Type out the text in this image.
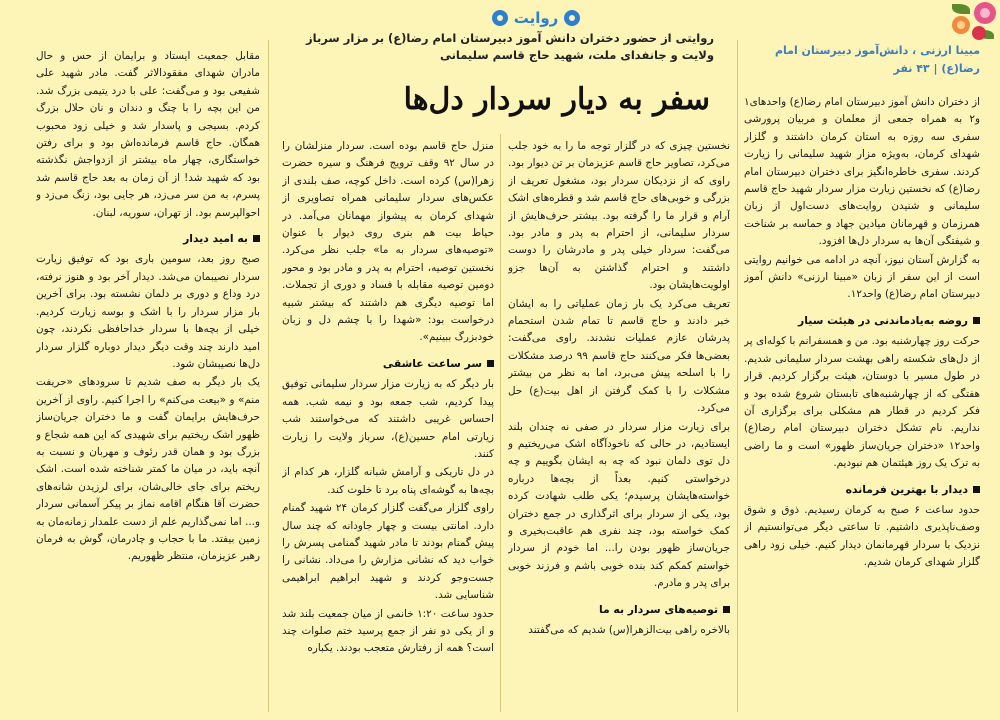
روایت
روایتی از حضور دختران دانش آموز دبیرستان امام رضا(ع) بر مزار سرباز ولایت و جانفدای ملت، شهید حاج قاسم سلیمانی
سفر به دیار سردار دل‌ها
مبینا ارزنی ، دانش‌آموز دبیرستان امام رضا(ع) | ۴۳ نفر

از دختران دانش آموز دبیرستان امام رضا(ع) واحدهای۱ و۲ به همراه جمعی از معلمان و مربیان پرورشی سفری سه روزه به استان کرمان داشتند و گلزار شهدای کرمان، به‌ویژه مزار شهید سلیمانی را زیارت کردند. سفری خاطره‌انگیز برای دختران دبیرستان امام رضا(ع) که نخستین زیارت مزار سردار شهید حاج قاسم سلیمانی و شنیدن روایت‌های دست‌اول از زبان همرزمان و قهرمانان میادین جهاد و حماسه بر شناخت و شیفتگی آن‌ها به سردار دل‌ها افزود.

به گزارش آستان نیوز، آنچه در ادامه می خوانیم روایتی است از این سفر از زبان «مبینا ارزنی» دانش آموز دبیرستان امام رضا(ع) واحد۱۲.

روضه به‌یادماندنی در هیئت سیار

حرکت روز چهارشنبه بود. من و همسفرانم با کوله‌ای پر از دل‌های شکسته راهی بهشت سردار سلیمانی شدیم. در طول مسیر با دوستان، هیئت برگزار کردیم. قرار هفتگی که از چهارشنبه‌های تابستان شروع شده بود و فکر کردیم در قطار هم مشکلی برای برگزاری آن نداریم. نام تشکل دختران دبیرستان امام رضا(ع) واحد۱۲ «دختران جریان‌ساز ظهور» است و ما راضی به ترک یک روز هیئتمان هم نبودیم.

دیدار با بهترین فرمانده

حدود ساعت ۶ صبح به کرمان رسیدیم. ذوق و شوق وصف‌ناپذیری داشتیم. تا ساعتی دیگر می‌توانستیم از نزدیک با سردار قهرمانمان دیدار کنیم. خیلی زود راهی گلزار شهدای کرمان شدیم.

نخستین چیزی که در گلزار توجه ما را به خود جلب می‌کرد، تصاویر حاج قاسم عزیزمان بر تن دیوار بود. راوی که از نزدیکان سردار بود، مشغول تعریف از بزرگی و خوبی‌های حاج قاسم شد و قطره‌های اشک آرام و قرار ما را گرفته بود. بیشتر حرف‌هایش از سردار سلیمانی، از احترام به پدر و مادر بود. می‌گفت: سردار خیلی پدر و مادرشان را دوست داشتند و احترام گذاشتن به آن‌ها جزو اولویت‌هایشان بود.

تعریف می‌کرد یک بار زمان عملیاتی را به ایشان خبر دادند و حاج قاسم تا تمام شدن استحمام پدرشان عازم عملیات نشدند. راوی می‌گفت: بعضی‌ها فکر می‌کنند حاج قاسم ۹۹ درصد مشکلات را با اسلحه پیش می‌برد، اما به نظر من بیشتر مشکلات را با کمک گرفتن از اهل بیت(ع) حل می‌کرد.

برای زیارت مزار سردار در صفی نه چندان بلند ایستادیم، در حالی که ناخودآگاه اشک می‌ریختیم و دل توی دلمان نبود که چه به ایشان بگوییم و چه درخواستی کنیم. بعداً از بچه‌ها درباره خواسته‌هایشان پرسیدم؛ یکی طلب شهادت کرده بود، یکی از سردار برای اثرگذاری در جمع دختران کمک خواسته بود، چند نفری هم عاقبت‌بخیری و جریان‌ساز ظهور بودن را... اما خودم از سردار خواستم کمکم کند بنده خوبی باشم و فرزند خوبی برای پدر و مادرم.

توصیه‌های سردار به ما

بالاخره راهی بیت‌الزهرا(س) شدیم که می‌گفتند

منزل حاج قاسم بوده است. سردار منزلشان را در سال ۹۲ وقف ترویج فرهنگ و سیره حضرت زهرا(س) کرده است. داخل کوچه، صف بلندی از عکس‌های سردار سلیمانی همراه تصاویری از شهدای کرمان به پیشواز مهمانان می‌آمد. در حیاط بیت هم بنری روی دیوار با عنوان «توصیه‌های سردار به ما» جلب نظر می‌کرد. نخستین توصیه، احترام به پدر و مادر بود و محور دومین توصیه مقابله با فساد و دوری از تجملات. اما توصیه دیگری هم داشتند که بیشتر شبیه درخواست بود: «شهدا را با چشم دل و زبان خودبزرگ ببینیم».

سر ساعت عاشقی

بار دیگر که به زیارت مزار سردار سلیمانی توفیق پیدا کردیم، شب جمعه بود و نیمه شب. همه احساس غریبی داشتند که می‌خواستند شب زیارتی امام حسین(ع)، سرباز ولایت را زیارت کنند.

در دل تاریکی و آرامش شبانه گلزار، هر کدام از بچه‌ها به گوشه‌ای پناه برد تا خلوت کند.

راوی گلزار می‌گفت گلزار کرمان ۲۴ شهید گمنام دارد. امانتی بیست و چهار جاودانه که چند سال پیش گمنام بودند تا مادر شهید گمنامی پسرش را خواب دید که نشانی مزارش را می‌داد. نشانی را جست‌وجو کردند و شهید ابراهیم ابراهیمی شناسایی شد.

حدود ساعت ۱:۲۰ خانمی از میان جمعیت بلند شد و از یکی دو نفر از جمع پرسید ختم صلوات چند است؟ همه از رفتارش متعجب بودند. یکباره

مقابل جمعیت ایستاد و برایمان از حس و حال مادران شهدای مفقودالاثر گفت. مادر شهید علی شفیعی بود و می‌گفت: علی با درد یتیمی بزرگ شد. من این بچه را با چنگ و دندان و نان حلال بزرگ کردم. بسیجی و پاسدار شد و خیلی زود محبوب همگان. حاج قاسم فرمانده‌اش بود و برای رفتن خواستگاری، چهار ماه بیشتر از ازدواجش نگذشته بود که شهید شد! از آن زمان به بعد حاج قاسم شد پسرم، به من سر می‌زد، هر جایی بود، زنگ می‌زد و احوالپرسم بود. از تهران، سوریه، لبنان.

به امید دیدار

صبح روز بعد، سومین باری بود که توفیق زیارت سردار نصیبمان می‌شد. دیدار آخر بود و هنوز نرفته، درد وداع و دوری بر دلمان نشسته بود. برای آخرین بار مزار سردار را با اشک و بوسه زیارت کردیم. خیلی از بچه‌ها با سردار خداحافظی نکردند، چون امید دارند چند وقت دیگر دیدار دوباره گلزار سردار دل‌ها نصیبشان شود.

یک بار دیگر به صف شدیم تا سرودهای «حریفت منم» و «بیعت می‌کنم» را اجرا کنیم. راوی از آخرین حرف‌هایش برایمان گفت و ما دختران جریان‌ساز ظهور اشک ریختیم برای شهیدی که این همه شجاع و بزرگ بود و همان قدر رئوف و مهربان و نسبت به آنچه باید، در میان ما کمتر شناخته شده است. اشک ریختم برای جای خالی‌شان، برای لرزیدن شانه‌های حضرت آقا هنگام اقامه نماز بر پیکر آسمانی سردار و... اما نمی‌گذاریم علم از دست علمدار زمانه‌مان به زمین بیفتد. ما با حجاب و چادرمان، گوش به فرمان رهبر عزیزمان، منتظر ظهوریم.
